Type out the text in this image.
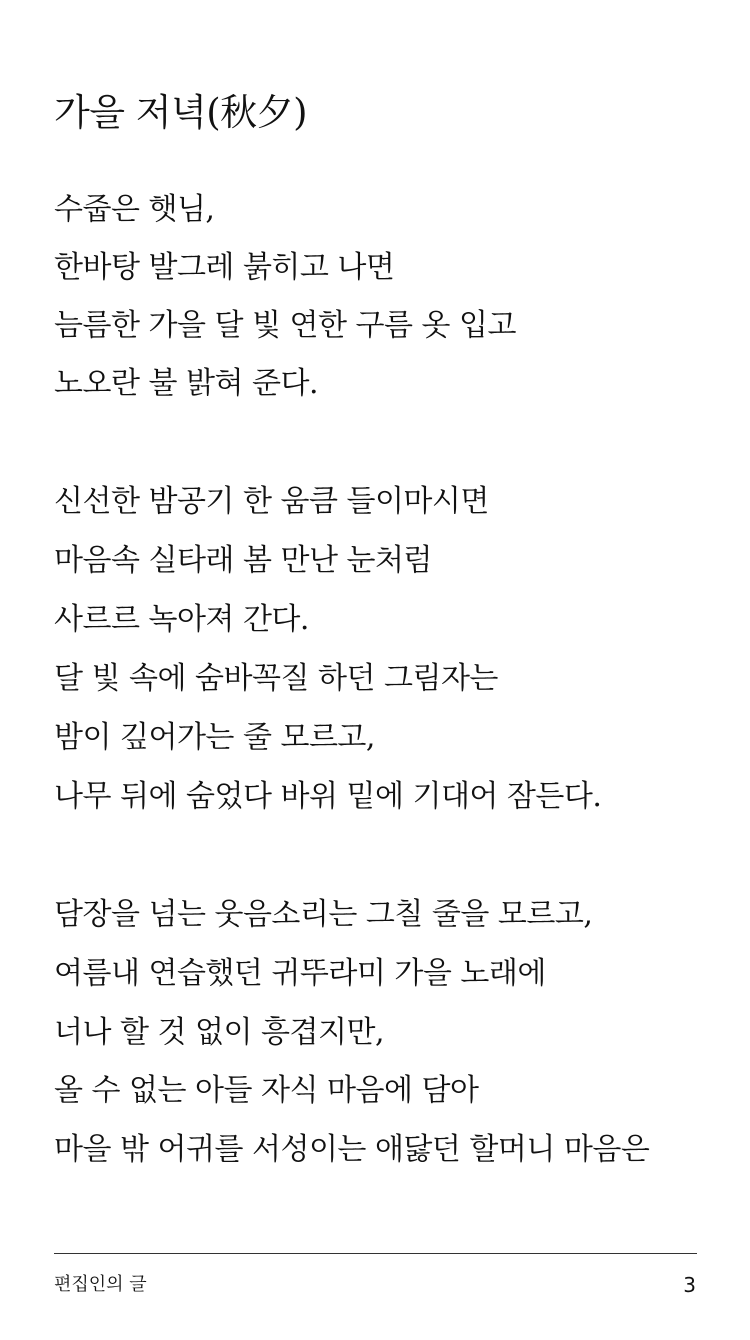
가을 저녁(秋夕)
수줍은 햇님,
한바탕 발그레 붉히고 나면
늠름한 가을 달 빛 연한 구름 옷 입고
노오란 불 밝혀 준다.
신선한 밤공기 한 움큼 들이마시면
마음속 실타래 봄 만난 눈처럼
사르르 녹아져 간다.
달 빛 속에 숨바꼭질 하던 그림자는
밤이 깊어가는 줄 모르고,
나무 뒤에 숨었다 바위 밑에 기대어 잠든다.
담장을 넘는 웃음소리는 그칠 줄을 모르고,
여름내 연습했던 귀뚜라미 가을 노래에
너나 할 것 없이 흥겹지만,
올 수 없는 아들 자식 마음에 담아
마을 밖 어귀를 서성이는 애닳던 할머니 마음은
편집인의 글	3
